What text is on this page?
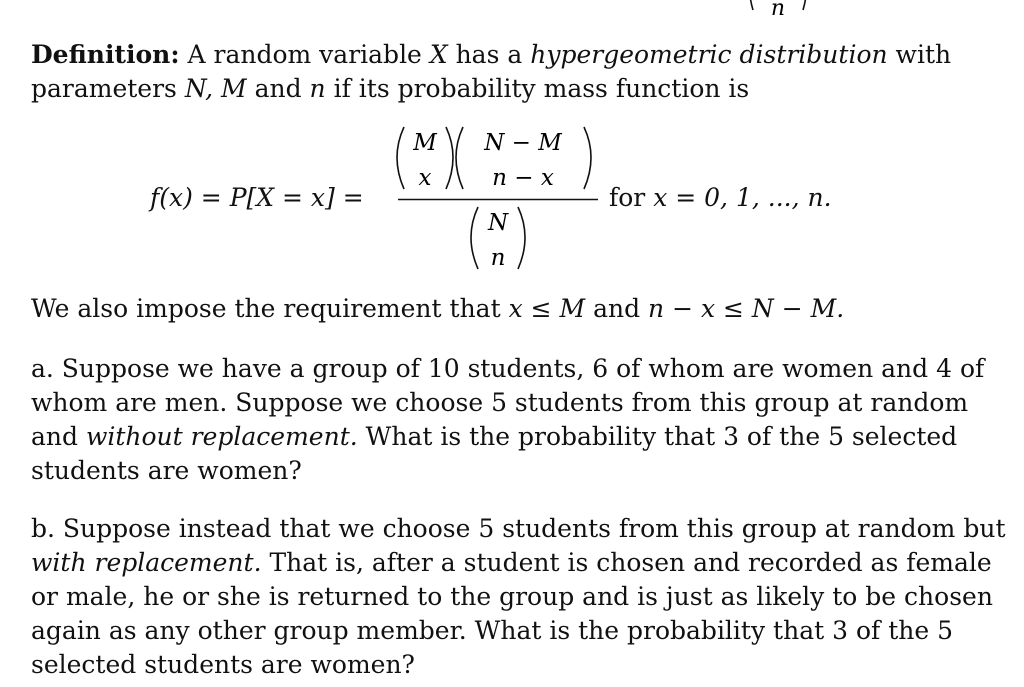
n
Definition: A random variable X has a hypergeometric distribution with
parameters N, M and n if its probability mass function is
f(x) = P[X = x] =
M
x
N − M
n − x
N
n
for x = 0, 1, ..., n.
We also impose the requirement that x ≤ M and n − x ≤ N − M.
a. Suppose we have a group of 10 students, 6 of whom are women and 4 of
whom are men. Suppose we choose 5 students from this group at random
and without replacement. What is the probability that 3 of the 5 selected
students are women?
b. Suppose instead that we choose 5 students from this group at random but
with replacement. That is, after a student is chosen and recorded as female
or male, he or she is returned to the group and is just as likely to be chosen
again as any other group member. What is the probability that 3 of the 5
selected students are women?
